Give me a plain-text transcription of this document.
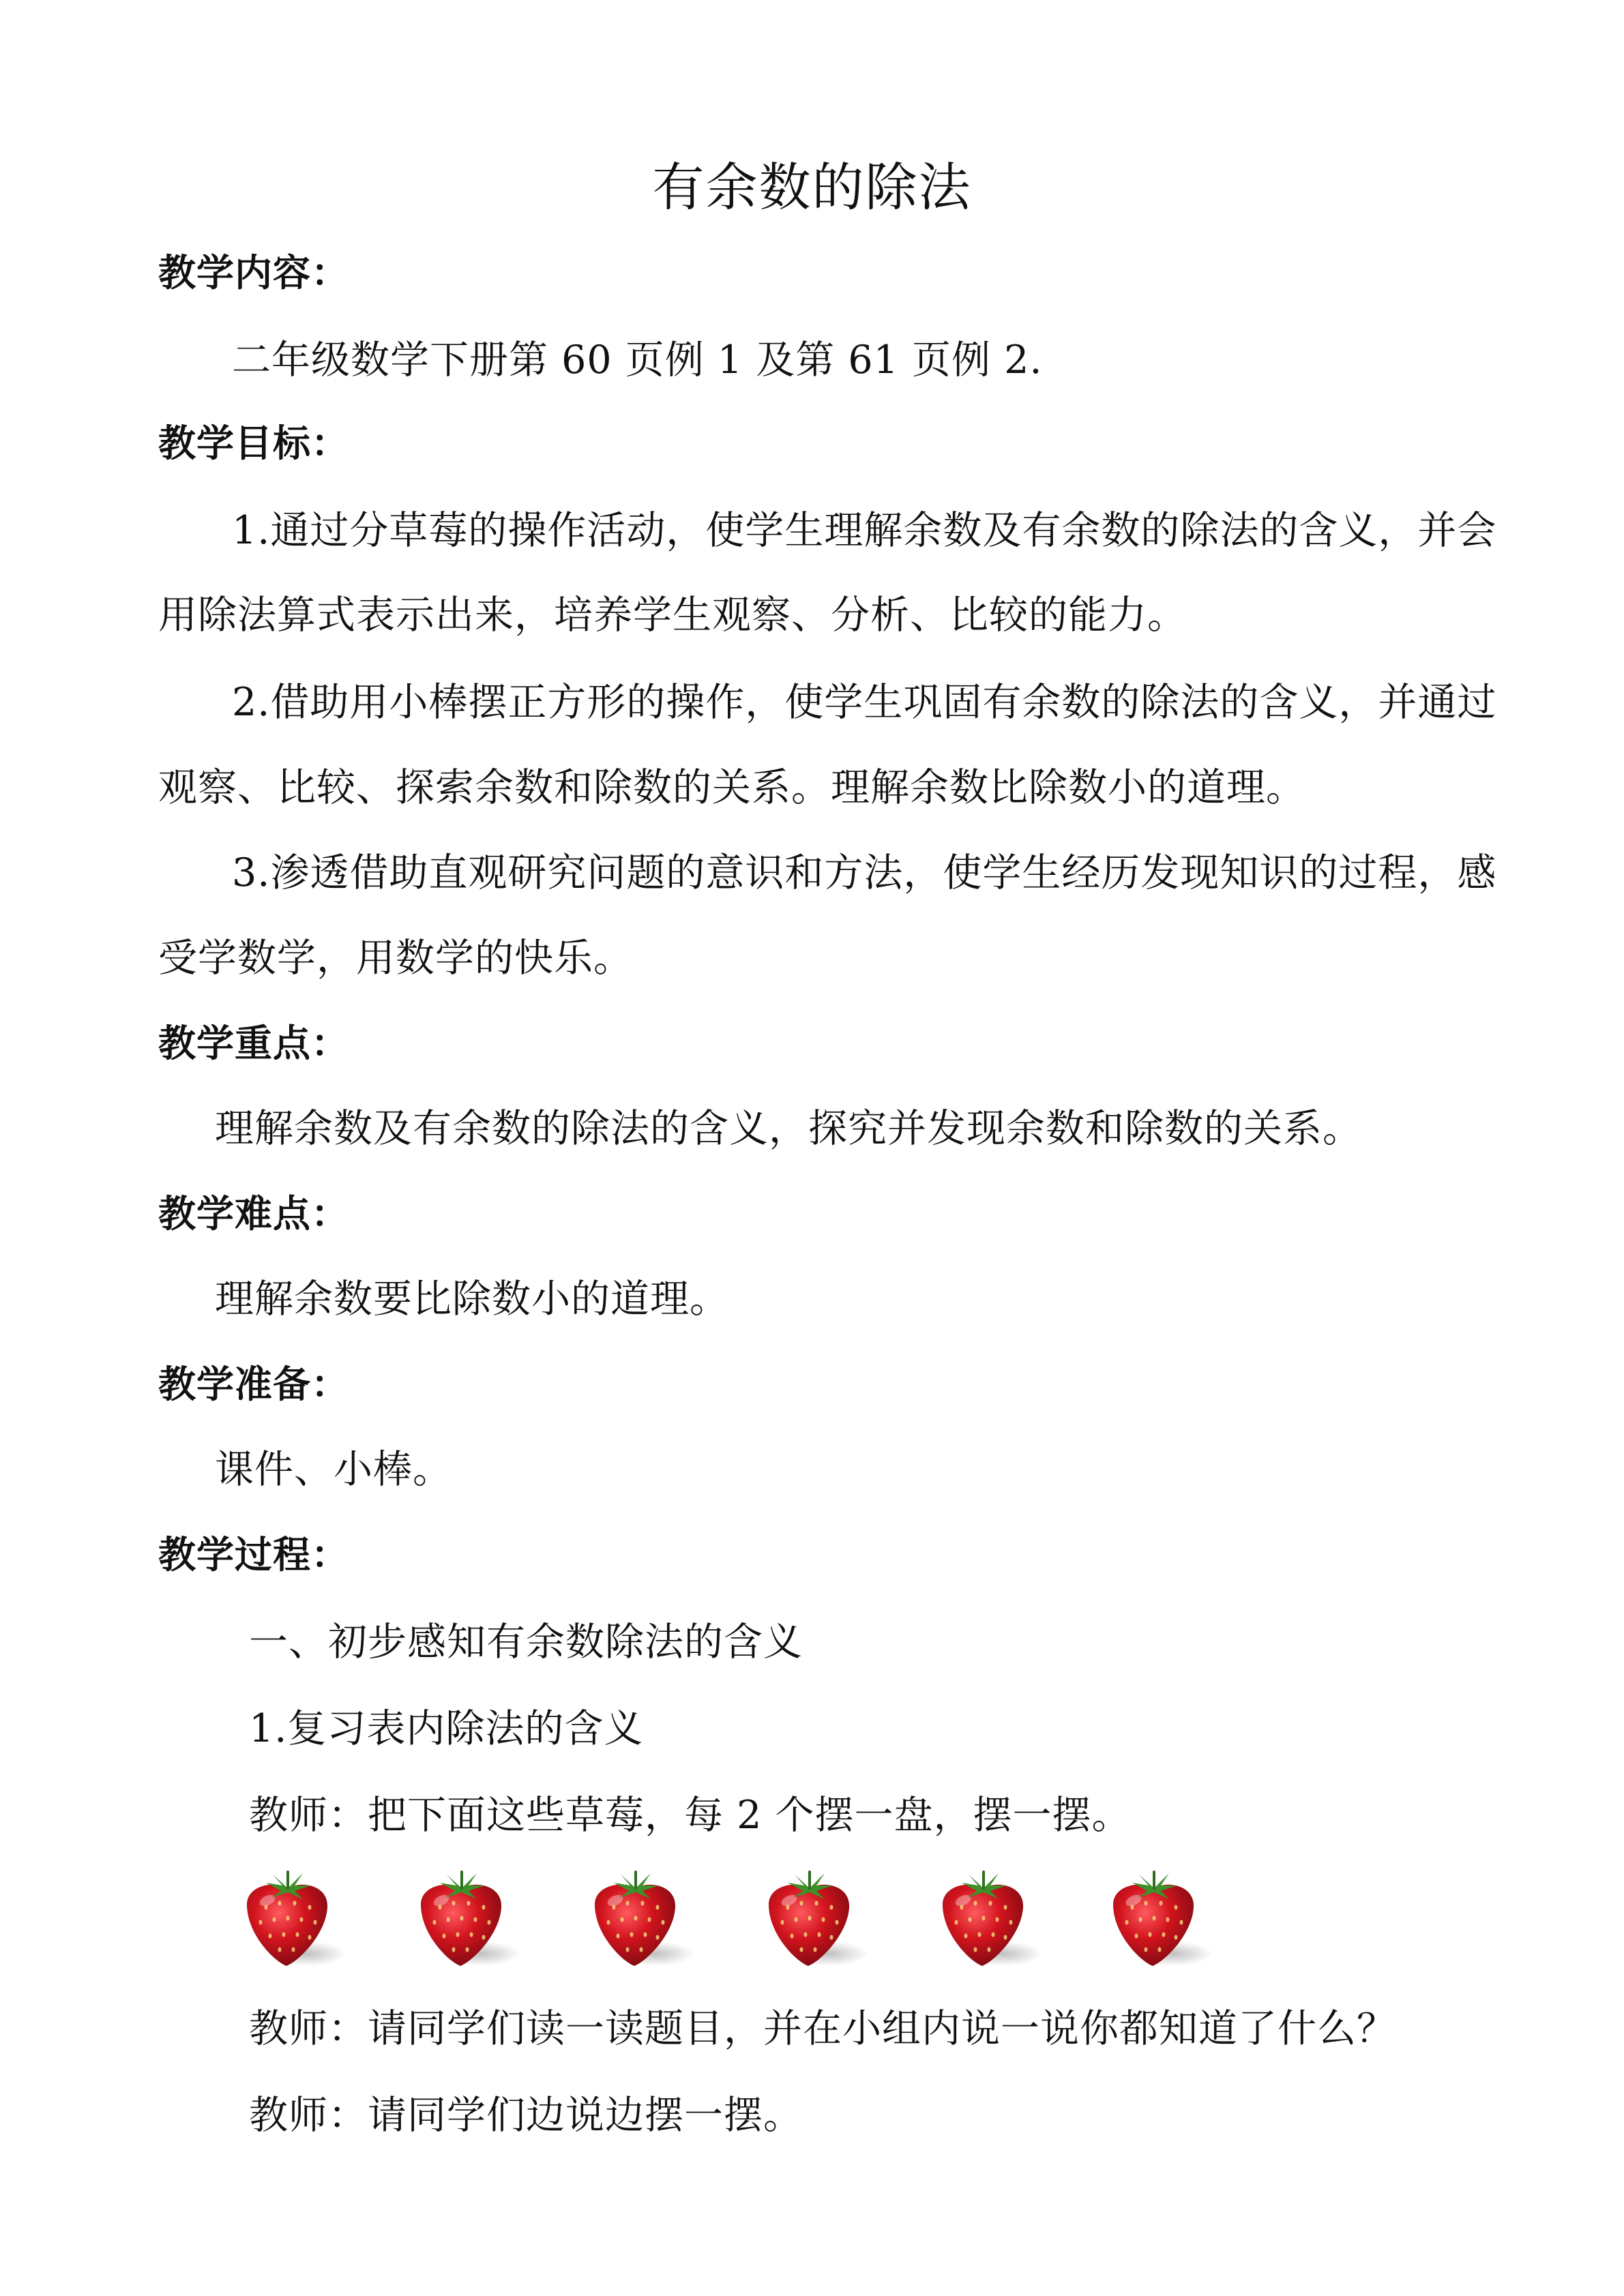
有余数的除法
教学内容：
二年级数学下册第 60 页例 1 及第 61 页例 2.
教学目标：
1.通过分草莓的操作活动，使学生理解余数及有余数的除法的含义，并会
用除法算式表示出来，培养学生观察、分析、比较的能力。
2.借助用小棒摆正方形的操作，使学生巩固有余数的除法的含义，并通过
观察、比较、探索余数和除数的关系。理解余数比除数小的道理。
3.渗透借助直观研究问题的意识和方法，使学生经历发现知识的过程，感
受学数学，用数学的快乐。
教学重点：
理解余数及有余数的除法的含义，探究并发现余数和除数的关系。
教学难点：
理解余数要比除数小的道理。
教学准备：
课件、小棒。
教学过程：
一、初步感知有余数除法的含义
1.复习表内除法的含义
教师：把下面这些草莓，每 2 个摆一盘，摆一摆。
教师：请同学们读一读题目，并在小组内说一说你都知道了什么？
教师：请同学们边说边摆一摆。
